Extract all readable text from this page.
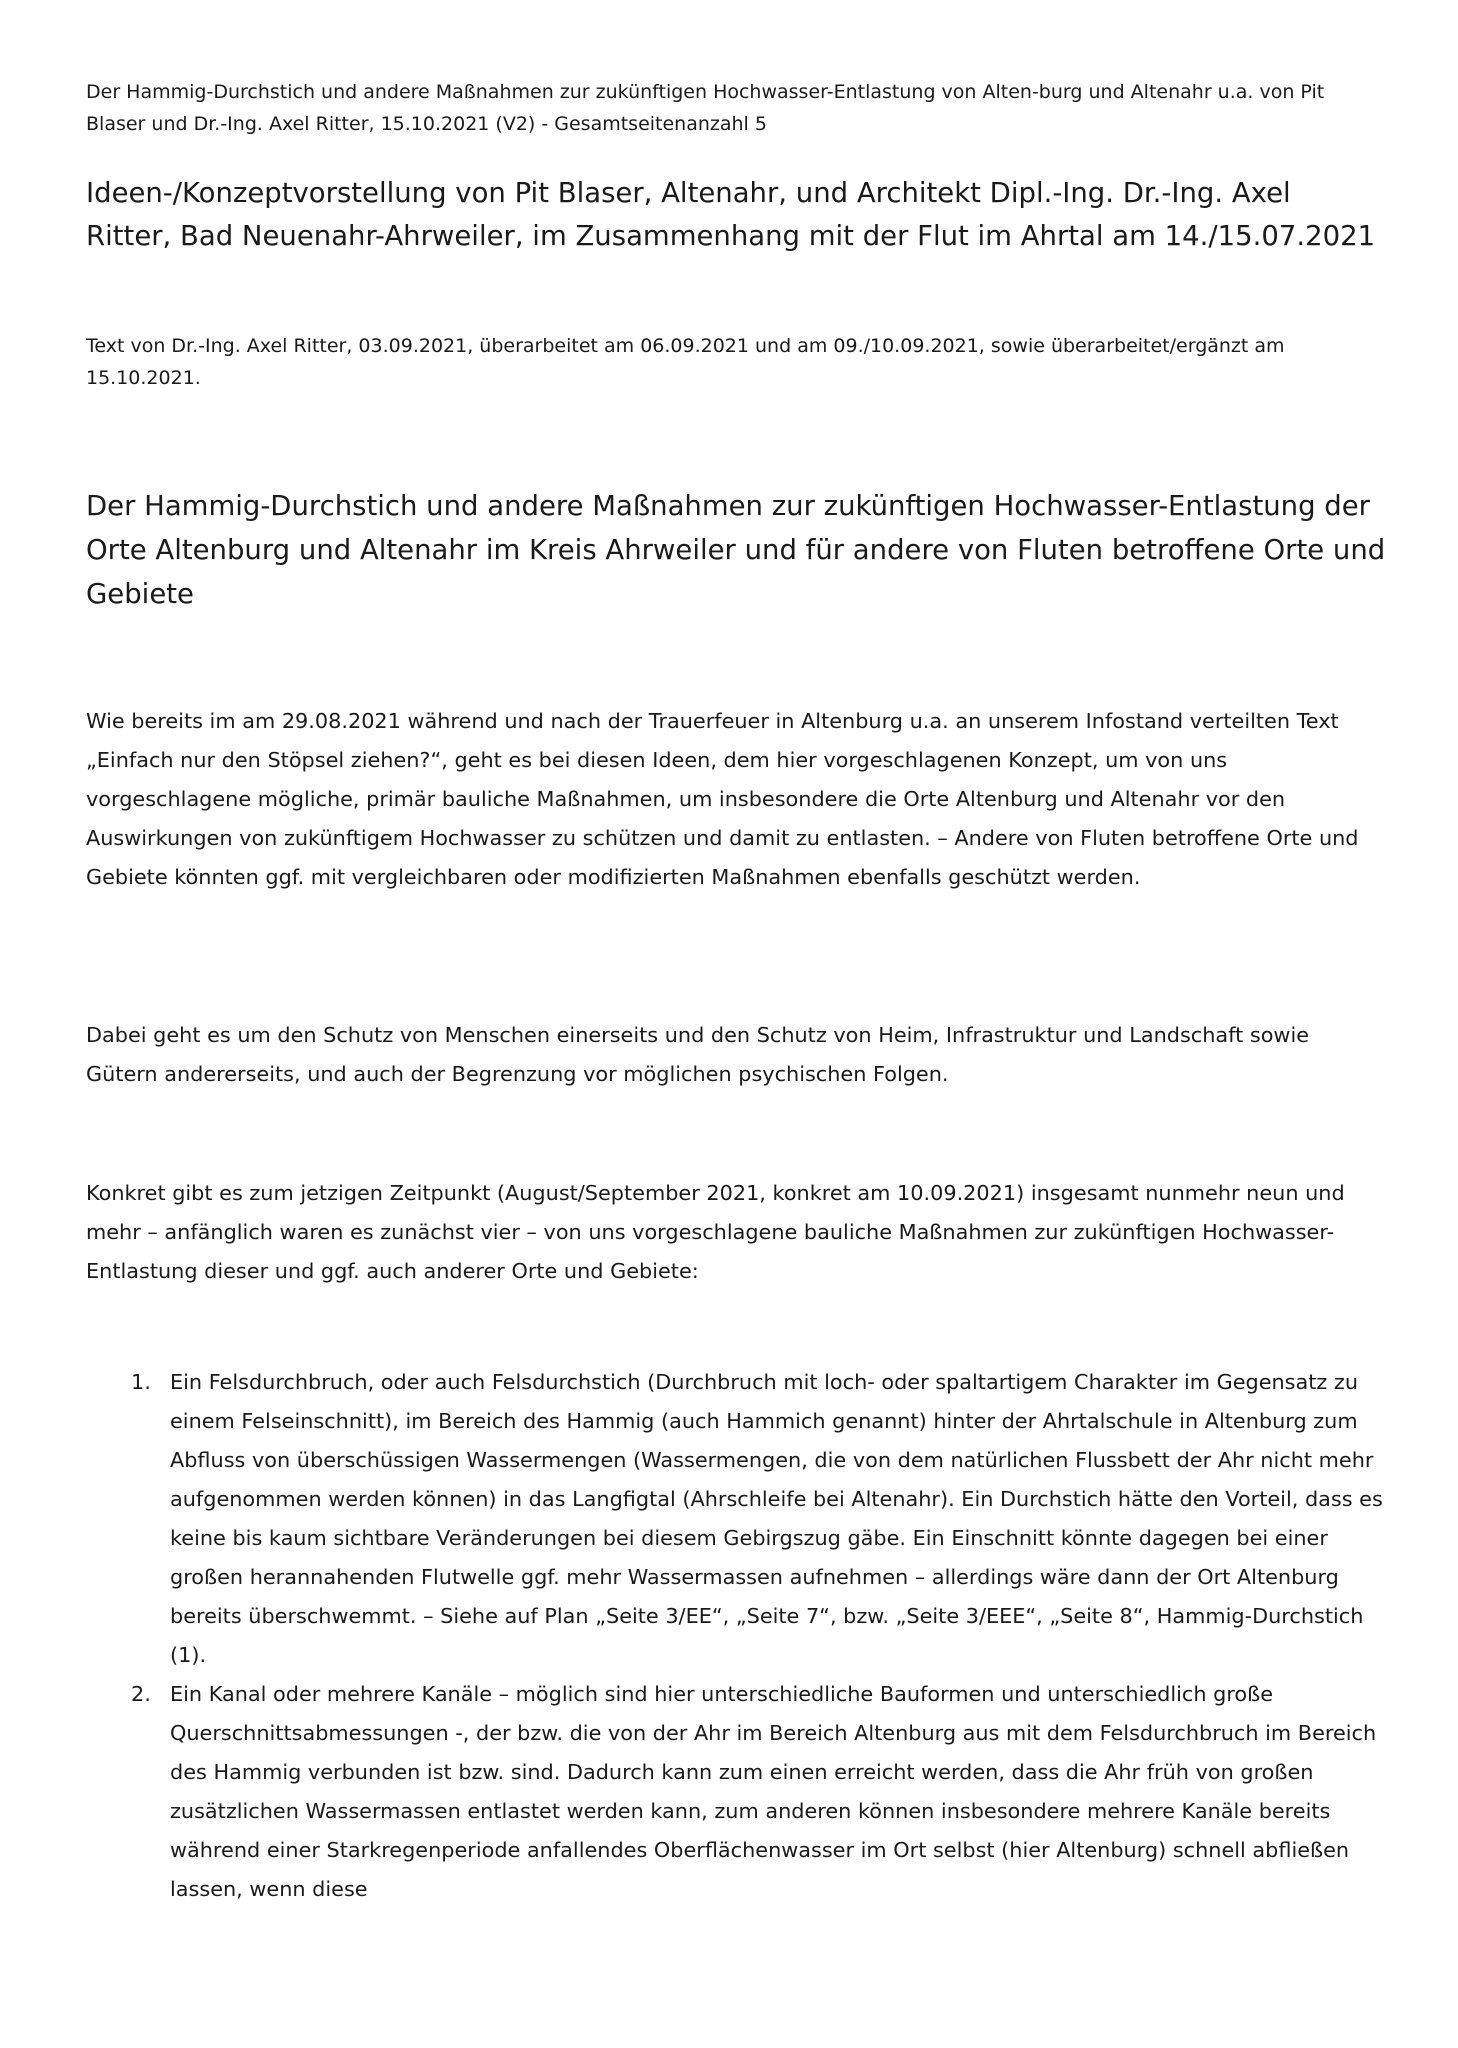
Der Hammig-Durchstich und andere Maßnahmen zur zukünftigen Hochwasser-Entlastung von Alten-burg und Altenahr u.a. von Pit Blaser und Dr.-Ing. Axel Ritter, 15.10.2021 (V2) - Gesamtseitenanzahl 5
Ideen-/Konzeptvorstellung von Pit Blaser, Altenahr, und Architekt Dipl.-Ing. Dr.-Ing. Axel Ritter, Bad Neuenahr-Ahrweiler, im Zusammenhang mit der Flut im Ahrtal am 14./15.07.2021
Text von Dr.-Ing. Axel Ritter, 03.09.2021, überarbeitet am 06.09.2021 und am 09./10.09.2021, sowie überarbeitet/ergänzt am 15.10.2021.
Der Hammig-Durchstich und andere Maßnahmen zur zukünftigen Hochwasser-Entlastung der Orte Altenburg und Altenahr im Kreis Ahrweiler und für andere von Fluten betroffene Orte und Gebiete
Wie bereits im am 29.08.2021 während und nach der Trauerfeuer in Altenburg u.a. an unserem Infostand verteilten Text „Einfach nur den Stöpsel ziehen?“, geht es bei diesen Ideen, dem hier vorgeschlagenen Konzept, um von uns vorgeschlagene mögliche, primär bauliche Maßnahmen, um insbesondere die Orte Altenburg und Altenahr vor den Auswirkungen von zukünftigem Hochwasser zu schützen und damit zu entlasten. – Andere von Fluten betroffene Orte und Gebiete könnten ggf. mit vergleichbaren oder modifizierten Maßnahmen ebenfalls geschützt werden.
Dabei geht es um den Schutz von Menschen einerseits und den Schutz von Heim, Infrastruktur und Landschaft sowie Gütern andererseits, und auch der Begrenzung vor möglichen psychischen Folgen.
Konkret gibt es zum jetzigen Zeitpunkt (August/September 2021, konkret am 10.09.2021) insgesamt nunmehr neun und mehr – anfänglich waren es zunächst vier – von uns vorgeschlagene bauliche Maßnahmen zur zukünftigen Hochwasser-Entlastung dieser und ggf. auch anderer Orte und Gebiete:
1. Ein Felsdurchbruch, oder auch Felsdurchstich (Durchbruch mit loch- oder spaltartigem Charakter im Gegensatz zu einem Felseinschnitt), im Bereich des Hammig (auch Hammich genannt) hinter der Ahrtalschule in Altenburg zum Abfluss von überschüssigen Wassermengen (Wassermengen, die von dem natürlichen Flussbett der Ahr nicht mehr aufgenommen werden können) in das Langfigtal (Ahrschleife bei Altenahr). Ein Durchstich hätte den Vorteil, dass es keine bis kaum sichtbare Veränderungen bei diesem Gebirgszug gäbe. Ein Einschnitt könnte dagegen bei einer großen herannahenden Flutwelle ggf. mehr Wassermassen aufnehmen – allerdings wäre dann der Ort Altenburg bereits überschwemmt. – Siehe auf Plan „Seite 3/EE“, „Seite 7“, bzw. „Seite 3/EEE“, „Seite 8“, Hammig-Durchstich (1).
2. Ein Kanal oder mehrere Kanäle – möglich sind hier unterschiedliche Bauformen und unterschiedlich große Querschnittsabmessungen -, der bzw. die von der Ahr im Bereich Altenburg aus mit dem Felsdurchbruch im Bereich des Hammig verbunden ist bzw. sind. Dadurch kann zum einen erreicht werden, dass die Ahr früh von großen zusätzlichen Wassermassen entlastet werden kann, zum anderen können insbesondere mehrere Kanäle bereits während einer Starkregenperiode anfallendes Oberflächenwasser im Ort selbst (hier Altenburg) schnell abfließen lassen, wenn diese
